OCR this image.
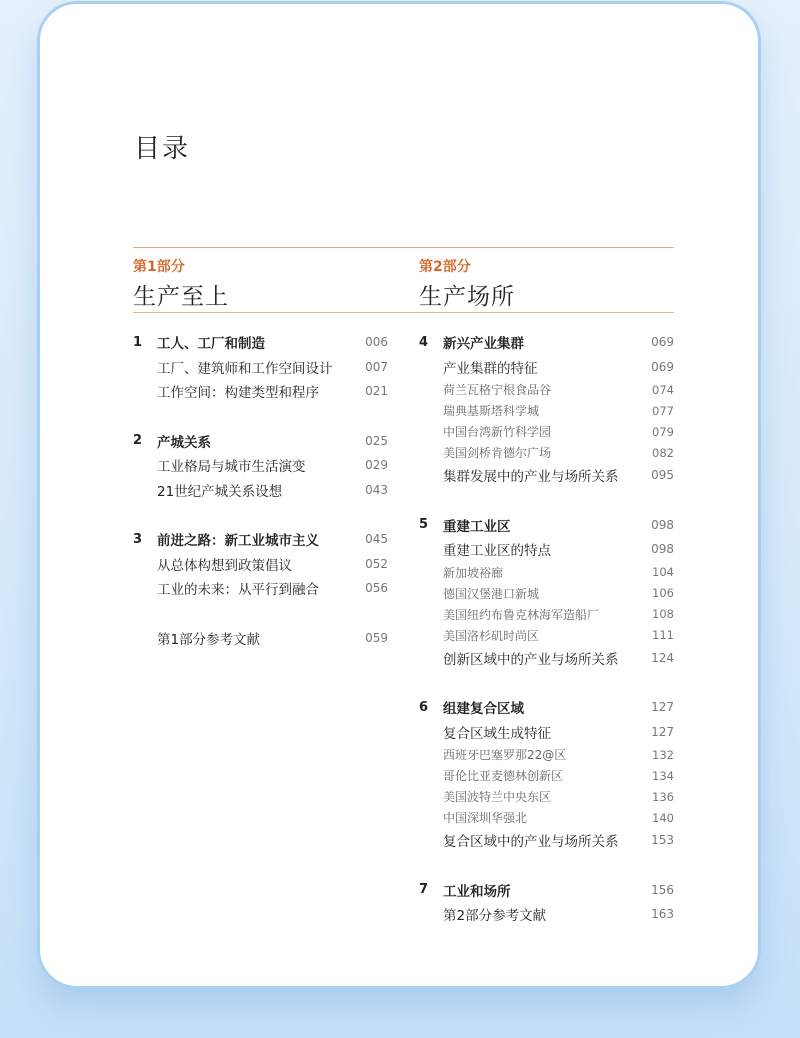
目录
第1部分	第2部分
生产至上	生产场所
1	工人、工厂和制造	006
工厂、建筑师和工作空间设计	007
工作空间：构建类型和程序	021
2	产城关系	025
工业格局与城市生活演变	029
21世纪产城关系设想	043
3	前进之路：新工业城市主义	045
从总体构想到政策倡议	052
工业的未来：从平行到融合	056
第1部分参考文献	059
4	新兴产业集群	069
产业集群的特征	069
荷兰瓦格宁根食品谷	074
瑞典基斯塔科学城	077
中国台湾新竹科学园	079
美国剑桥肯德尔广场	082
集群发展中的产业与场所关系	095
5	重建工业区	098
重建工业区的特点	098
新加坡裕廊	104
德国汉堡港口新城	106
美国纽约布鲁克林海军造船厂	108
美国洛杉矶时尚区	111
创新区域中的产业与场所关系	124
6	组建复合区域	127
复合区域生成特征	127
西班牙巴塞罗那22@区	132
哥伦比亚麦德林创新区	134
美国波特兰中央东区	136
中国深圳华强北	140
复合区域中的产业与场所关系	153
7	工业和场所	156
第2部分参考文献	163
